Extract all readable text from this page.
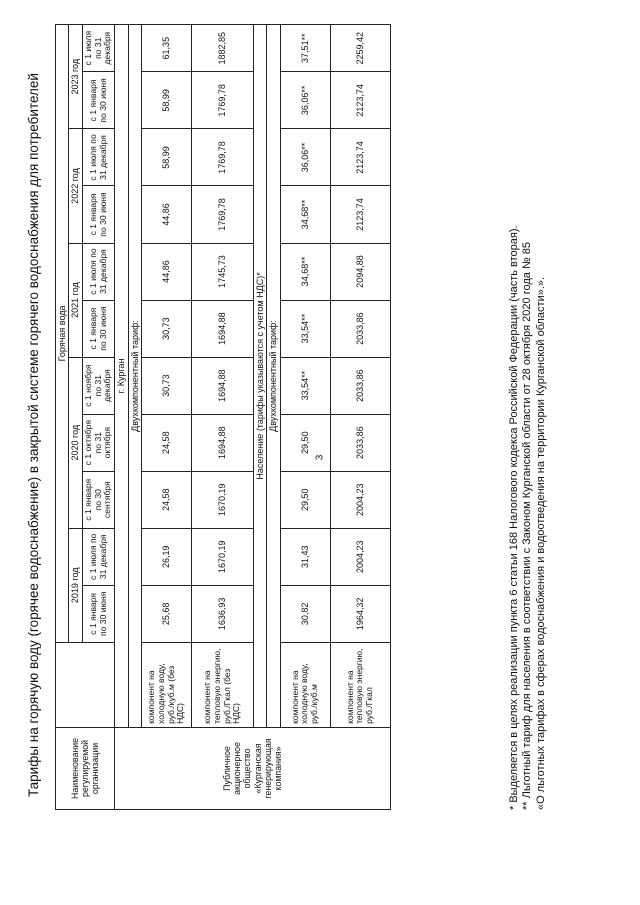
3
Тарифы на горячую воду (горячее водоснабжение) в закрытой системе горячего водоснабжения для потребителей	Наименование регулируемой организации		Горячая вода										
		2019 год		2020 год			2021 год		2022 год		2023 год	
		с 1 января по 30 июня	с 1 июля по 31 декабря	с 1 января по 30 сентября	с 1 октября по 31 октября	с 1 ноября по 31 декабря	с 1 января по 30 июня	с 1 июля по 31 декабря	с 1 января по 30 июня	с 1 июля по 31 декабря	с 1 января по 30 июня	с 1 июля по 31 декабря
Публичное акционерное общество «Курганская генерирующая компания»	г. Курган											
	Двухкомпонентный тариф:											
	компонент на холодную воду, руб./куб.м (без НДС)	25,68	26,19	24,58	24,58	30,73	30,73	44,86	44,86	58,99	58,99	61,35
	компонент на тепловую энергию, руб./Гкал (без НДС)	1636,93	1670,19	1670,19	1694,88	1694,88	1694,88	1745,73	1769,78	1769,78	1769,78	1882,85
	Население (тарифы указываются с учетом НДС)*											
	Двухкомпонентный тариф:											
	компонент на холодную воду, руб./куб.м	30,82	31,43	29,50	29,50	33,54**	33,54**	34,68**	34,68**	36,06**	36,06**	37,51**
	компонент на тепловую энергию, руб./Гкал	1964,32	2004,23	2004,23	2033,86	2033,86	2033,86	2094,88	2123,74	2123,74	2123,74	2259,42
* Выделяется в целях реализации пункта 6 статьи 168 Налогового кодекса Российской Федерации (часть вторая). ** Льготный тариф для населения в соответствии с Законом Курганской области от 28 октября 2020 года № 85 «О льготных тарифах в сферах водоснабжения и водоотведения на территории Курганской области».».
